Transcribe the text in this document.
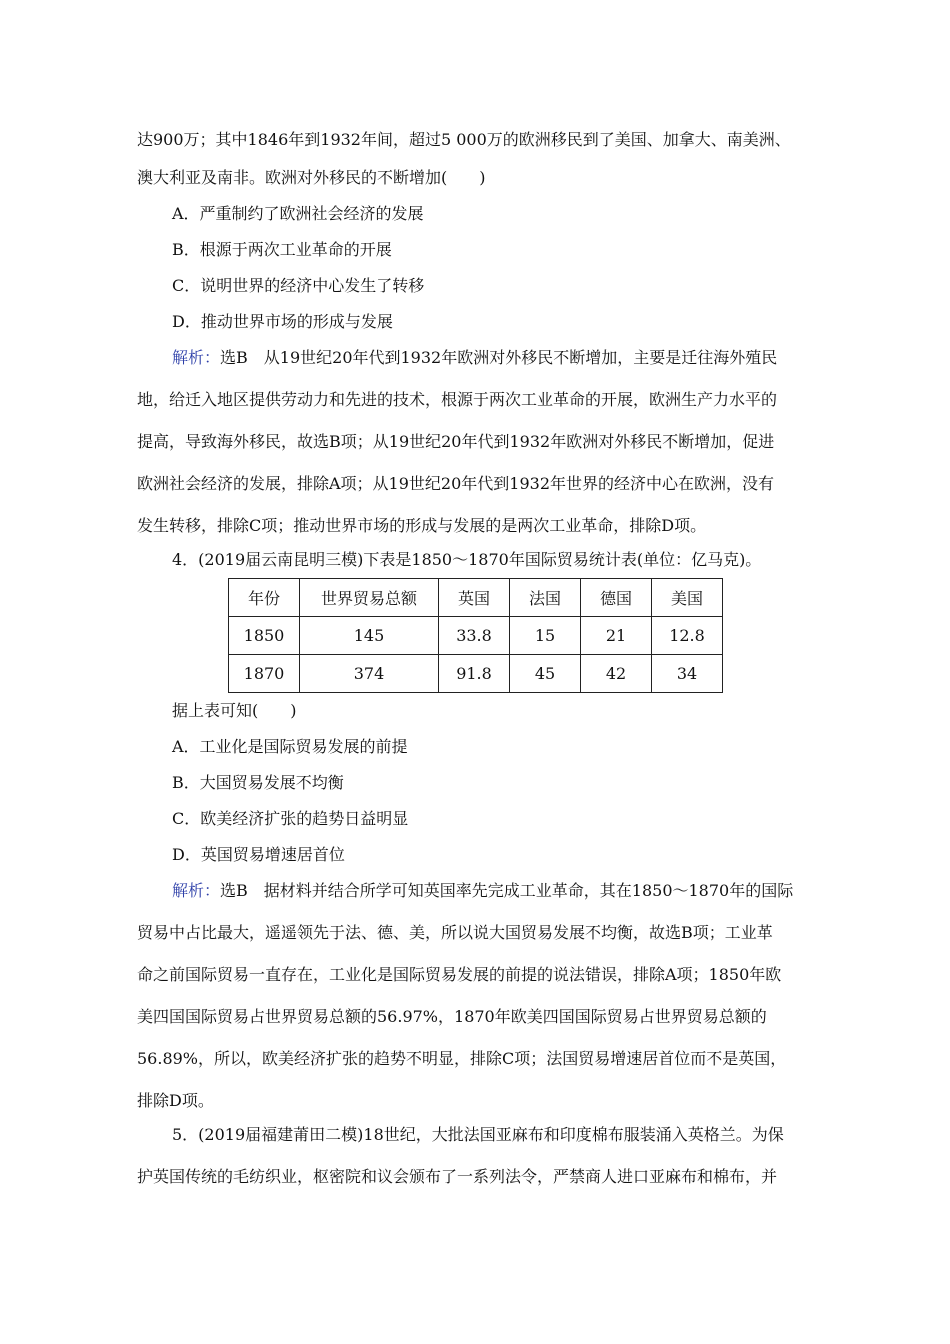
达900万；其中1846年到1932年间，超过5 000万的欧洲移民到了美国、加拿大、南美洲、
澳大利亚及南非。欧洲对外移民的不断增加(　　)
A．严重制约了欧洲社会经济的发展
B．根源于两次工业革命的开展
C．说明世界的经济中心发生了转移
D．推动世界市场的形成与发展
解析：选B　从19世纪20年代到1932年欧洲对外移民不断增加，主要是迁往海外殖民
地，给迁入地区提供劳动力和先进的技术，根源于两次工业革命的开展，欧洲生产力水平的
提高，导致海外移民，故选B项；从19世纪20年代到1932年欧洲对外移民不断增加，促进
欧洲社会经济的发展，排除A项；从19世纪20年代到1932年世界的经济中心在欧洲，没有
发生转移，排除C项；推动世界市场的形成与发展的是两次工业革命，排除D项。
4．(2019届云南昆明三模)下表是1850～1870年国际贸易统计表(单位：亿马克)。
年份	世界贸易总额	英国	法国	德国	美国
1850	145	33.8	15	21	12.8
1870	374	91.8	45	42	34
据上表可知(　　)
A．工业化是国际贸易发展的前提
B．大国贸易发展不均衡
C．欧美经济扩张的趋势日益明显
D．英国贸易增速居首位
解析：选B　据材料并结合所学可知英国率先完成工业革命，其在1850～1870年的国际
贸易中占比最大，遥遥领先于法、德、美，所以说大国贸易发展不均衡，故选B项；工业革
命之前国际贸易一直存在，工业化是国际贸易发展的前提的说法错误，排除A项；1850年欧
美四国国际贸易占世界贸易总额的56.97%，1870年欧美四国国际贸易占世界贸易总额的
56.89%，所以，欧美经济扩张的趋势不明显，排除C项；法国贸易增速居首位而不是英国，
排除D项。
5．(2019届福建莆田二模)18世纪，大批法国亚麻布和印度棉布服装涌入英格兰。为保
护英国传统的毛纺织业，枢密院和议会颁布了一系列法令，严禁商人进口亚麻布和棉布，并
